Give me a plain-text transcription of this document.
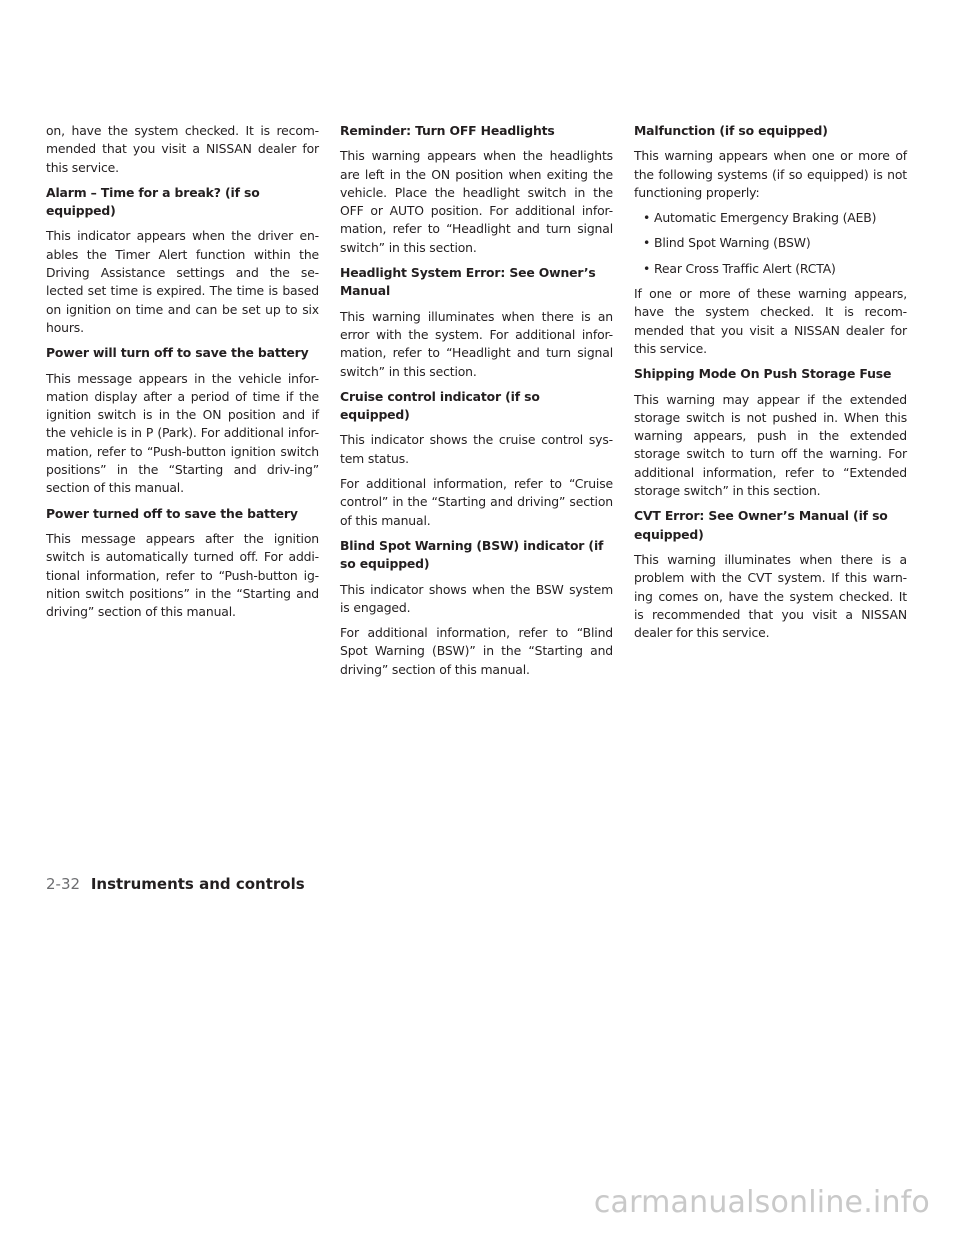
on, have the system checked. It is recom-mended that you visit a NISSAN dealer for this service.
Alarm – Time for a break? (if so equipped)
This indicator appears when the driver en-ables the Timer Alert function within the Driving Assistance settings and the se-lected set time is expired. The time is based on ignition on time and can be set up to six hours.
Power will turn off to save the battery
This message appears in the vehicle infor-mation display after a period of time if the ignition switch is in the ON position and if the vehicle is in P (Park). For additional infor-mation, refer to “Push-button ignition switch positions” in the “Starting and driv-ing” section of this manual.
Power turned off to save the battery
This message appears after the ignition switch is automatically turned off. For addi-tional information, refer to “Push-button ig-nition switch positions” in the “Starting and driving” section of this manual.
Reminder: Turn OFF Headlights
This warning appears when the headlights are left in the ON position when exiting the vehicle. Place the headlight switch in the OFF or AUTO position. For additional infor-mation, refer to “Headlight and turn signal switch” in this section.
Headlight System Error: See Owner’s Manual
This warning illuminates when there is an error with the system. For additional infor-mation, refer to “Headlight and turn signal switch” in this section.
Cruise control indicator (if so equipped)
This indicator shows the cruise control sys-tem status.
For additional information, refer to “Cruise control” in the “Starting and driving” section of this manual.
Blind Spot Warning (BSW) indicator (if so equipped)
This indicator shows when the BSW system is engaged.
For additional information, refer to “Blind Spot Warning (BSW)” in the “Starting and driving” section of this manual.
Malfunction (if so equipped)
This warning appears when one or more of the following systems (if so equipped) is not functioning properly:
• Automatic Emergency Braking (AEB)
• Blind Spot Warning (BSW)
• Rear Cross Traffic Alert (RCTA)
If one or more of these warning appears, have the system checked. It is recom-mended that you visit a NISSAN dealer for this service.
Shipping Mode On Push Storage Fuse
This warning may appear if the extended storage switch is not pushed in. When this warning appears, push in the extended storage switch to turn off the warning. For additional information, refer to “Extended storage switch” in this section.
CVT Error: See Owner’s Manual (if so equipped)
This warning illuminates when there is a problem with the CVT system. If this warn-ing comes on, have the system checked. It is recommended that you visit a NISSAN dealer for this service.
2-32 Instruments and controls
carmanualsonline.info
